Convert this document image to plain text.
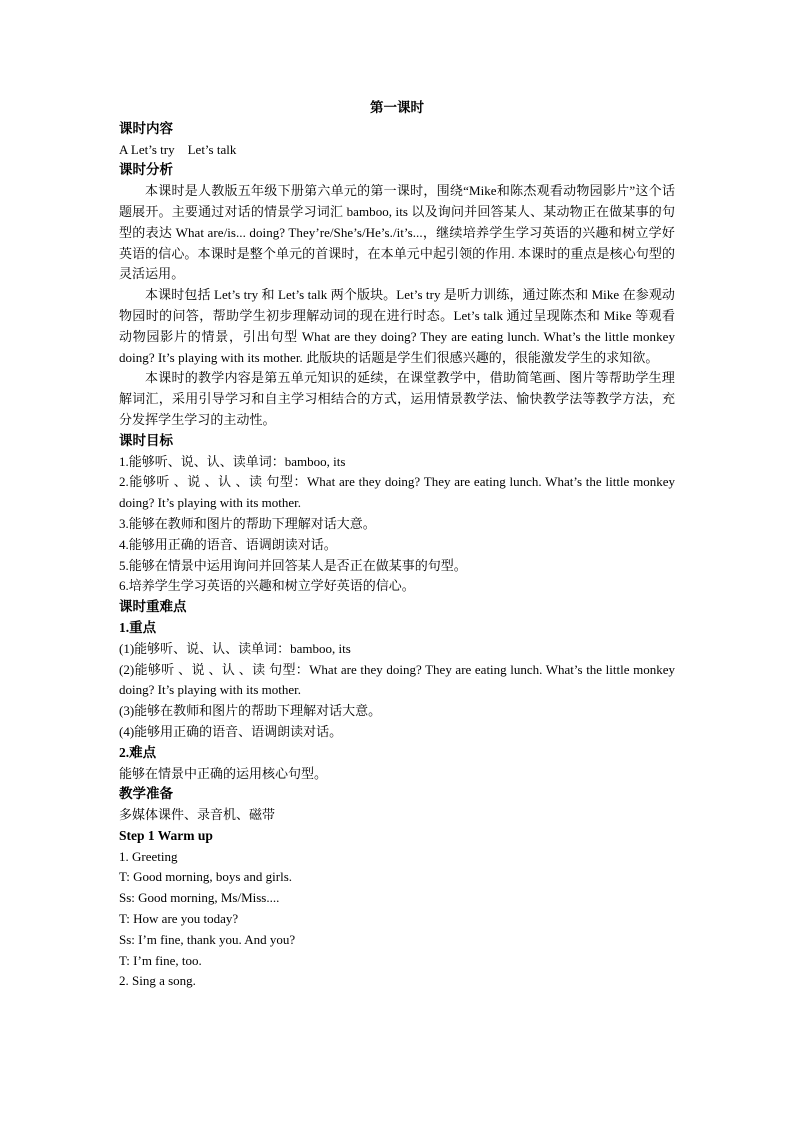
第一课时
课时内容
A Let’s try    Let’s talk
课时分析
本课时是人教版五年级下册第六单元的第一课时，围绕“Mike和陈杰观看动物园影片”这个话题展开。主要通过对话的情景学习词汇 bamboo, its 以及询问并回答某人、某动物正在做某事的句型的表达 What are/is... doing? They’re/She’s/He’s./it’s...，继续培养学生学习英语的兴趣和树立学好英语的信心。本课时是整个单元的首课时，在本单元中起引领的作用. 本课时的重点是核心句型的灵活运用。
本课时包括 Let’s try 和 Let’s talk 两个版块。Let’s try 是听力训练，通过陈杰和 Mike 在参观动物园时的问答，帮助学生初步理解动词的现在进行时态。Let’s talk 通过呈现陈杰和 Mike 等观看动物园影片的情景，引出句型 What are they doing? They are eating lunch. What’s the little monkey doing? It’s playing with its mother. 此版块的话题是学生们很感兴趣的，很能激发学生的求知欲。
本课时的教学内容是第五单元知识的延续，在课堂教学中，借助简笔画、图片等帮助学生理解词汇，采用引导学习和自主学习相结合的方式，运用情景教学法、愉快教学法等教学方法，充分发挥学生学习的主动性。
课时目标
1.能够听、说、认、读单词：bamboo, its
2.能够听 、说 、认 、读 句型：What are they doing? They are eating lunch. What’s the little monkey doing? It’s playing with its mother.
3.能够在教师和图片的帮助下理解对话大意。
4.能够用正确的语音、语调朗读对话。
5.能够在情景中运用询问并回答某人是否正在做某事的句型。
6.培养学生学习英语的兴趣和树立学好英语的信心。
课时重难点
1.重点
(1)能够听、说、认、读单词：bamboo, its
(2)能够听 、说 、认 、读 句型：What are they doing? They are eating lunch. What’s the little monkey doing? It’s playing with its mother.
(3)能够在教师和图片的帮助下理解对话大意。
(4)能够用正确的语音、语调朗读对话。
2.难点
能够在情景中正确的运用核心句型。
教学准备
多媒体课件、录音机、磁带
Step 1 Warm up
1. Greeting
T: Good morning, boys and girls.
Ss: Good morning, Ms/Miss....
T: How are you today?
Ss: I’m fine, thank you. And you?
T: I’m fine, too.
2. Sing a song.
